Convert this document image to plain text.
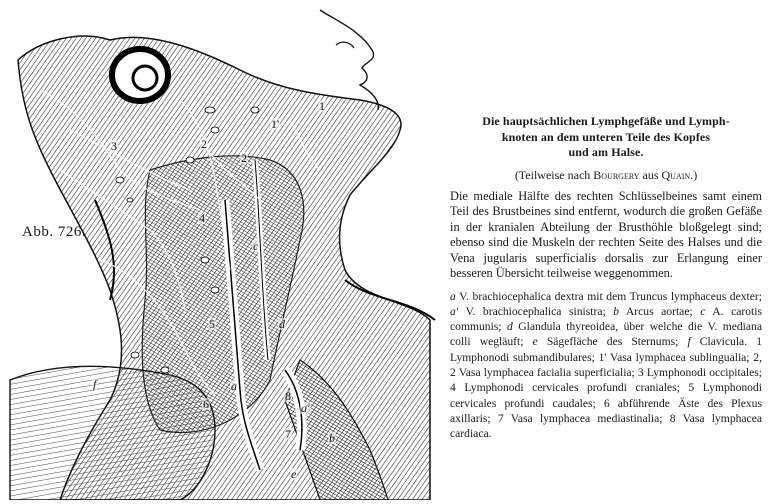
Abb. 726.
c
d
a
a'
b
e
f
1
1'
2
2
3
4
5
6
7
8
Die hauptsächlichen Lymphgefäße und Lymph-
knoten an dem unteren Teile des Kopfes
und am Halse.
(Teilweise nach Bourgery aus Quain.)

Die mediale Hälfte des rechten Schlüsselbeines samt einem Teil des Brustbeines sind entfernt, wodurch die großen Gefäße in der kranialen Abteilung der Brusthöhle bloßgelegt sind; ebenso sind die Muskeln der rechten Seite des Halses und die Vena jugularis superficialis dorsalis zur Erlangung einer besseren Übersicht teilweise weggenommen.

a V. brachiocephalica dextra mit dem Truncus lymphaceus dexter; a' V. brachiocephalica sinistra; b Arcus aortae; c A. carotis communis; d Glandula thyreoidea, über welche die V. mediana colli wegläuft; e Sägefläche des Sternums; f Clavicula. 1 Lymphonodi submandibulares; 1' Vasa lymphacea sublingualia; 2, 2 Vasa lymphacea facialia superficialia; 3 Lymphonodi occipitales; 4 Lymphonodi cervicales profundi craniales; 5 Lymphonodi cervicales profundi caudales; 6 abführende Äste des Plexus axillaris; 7 Vasa lymphacea mediastinalia; 8 Vasa lymphacea cardiaca.
